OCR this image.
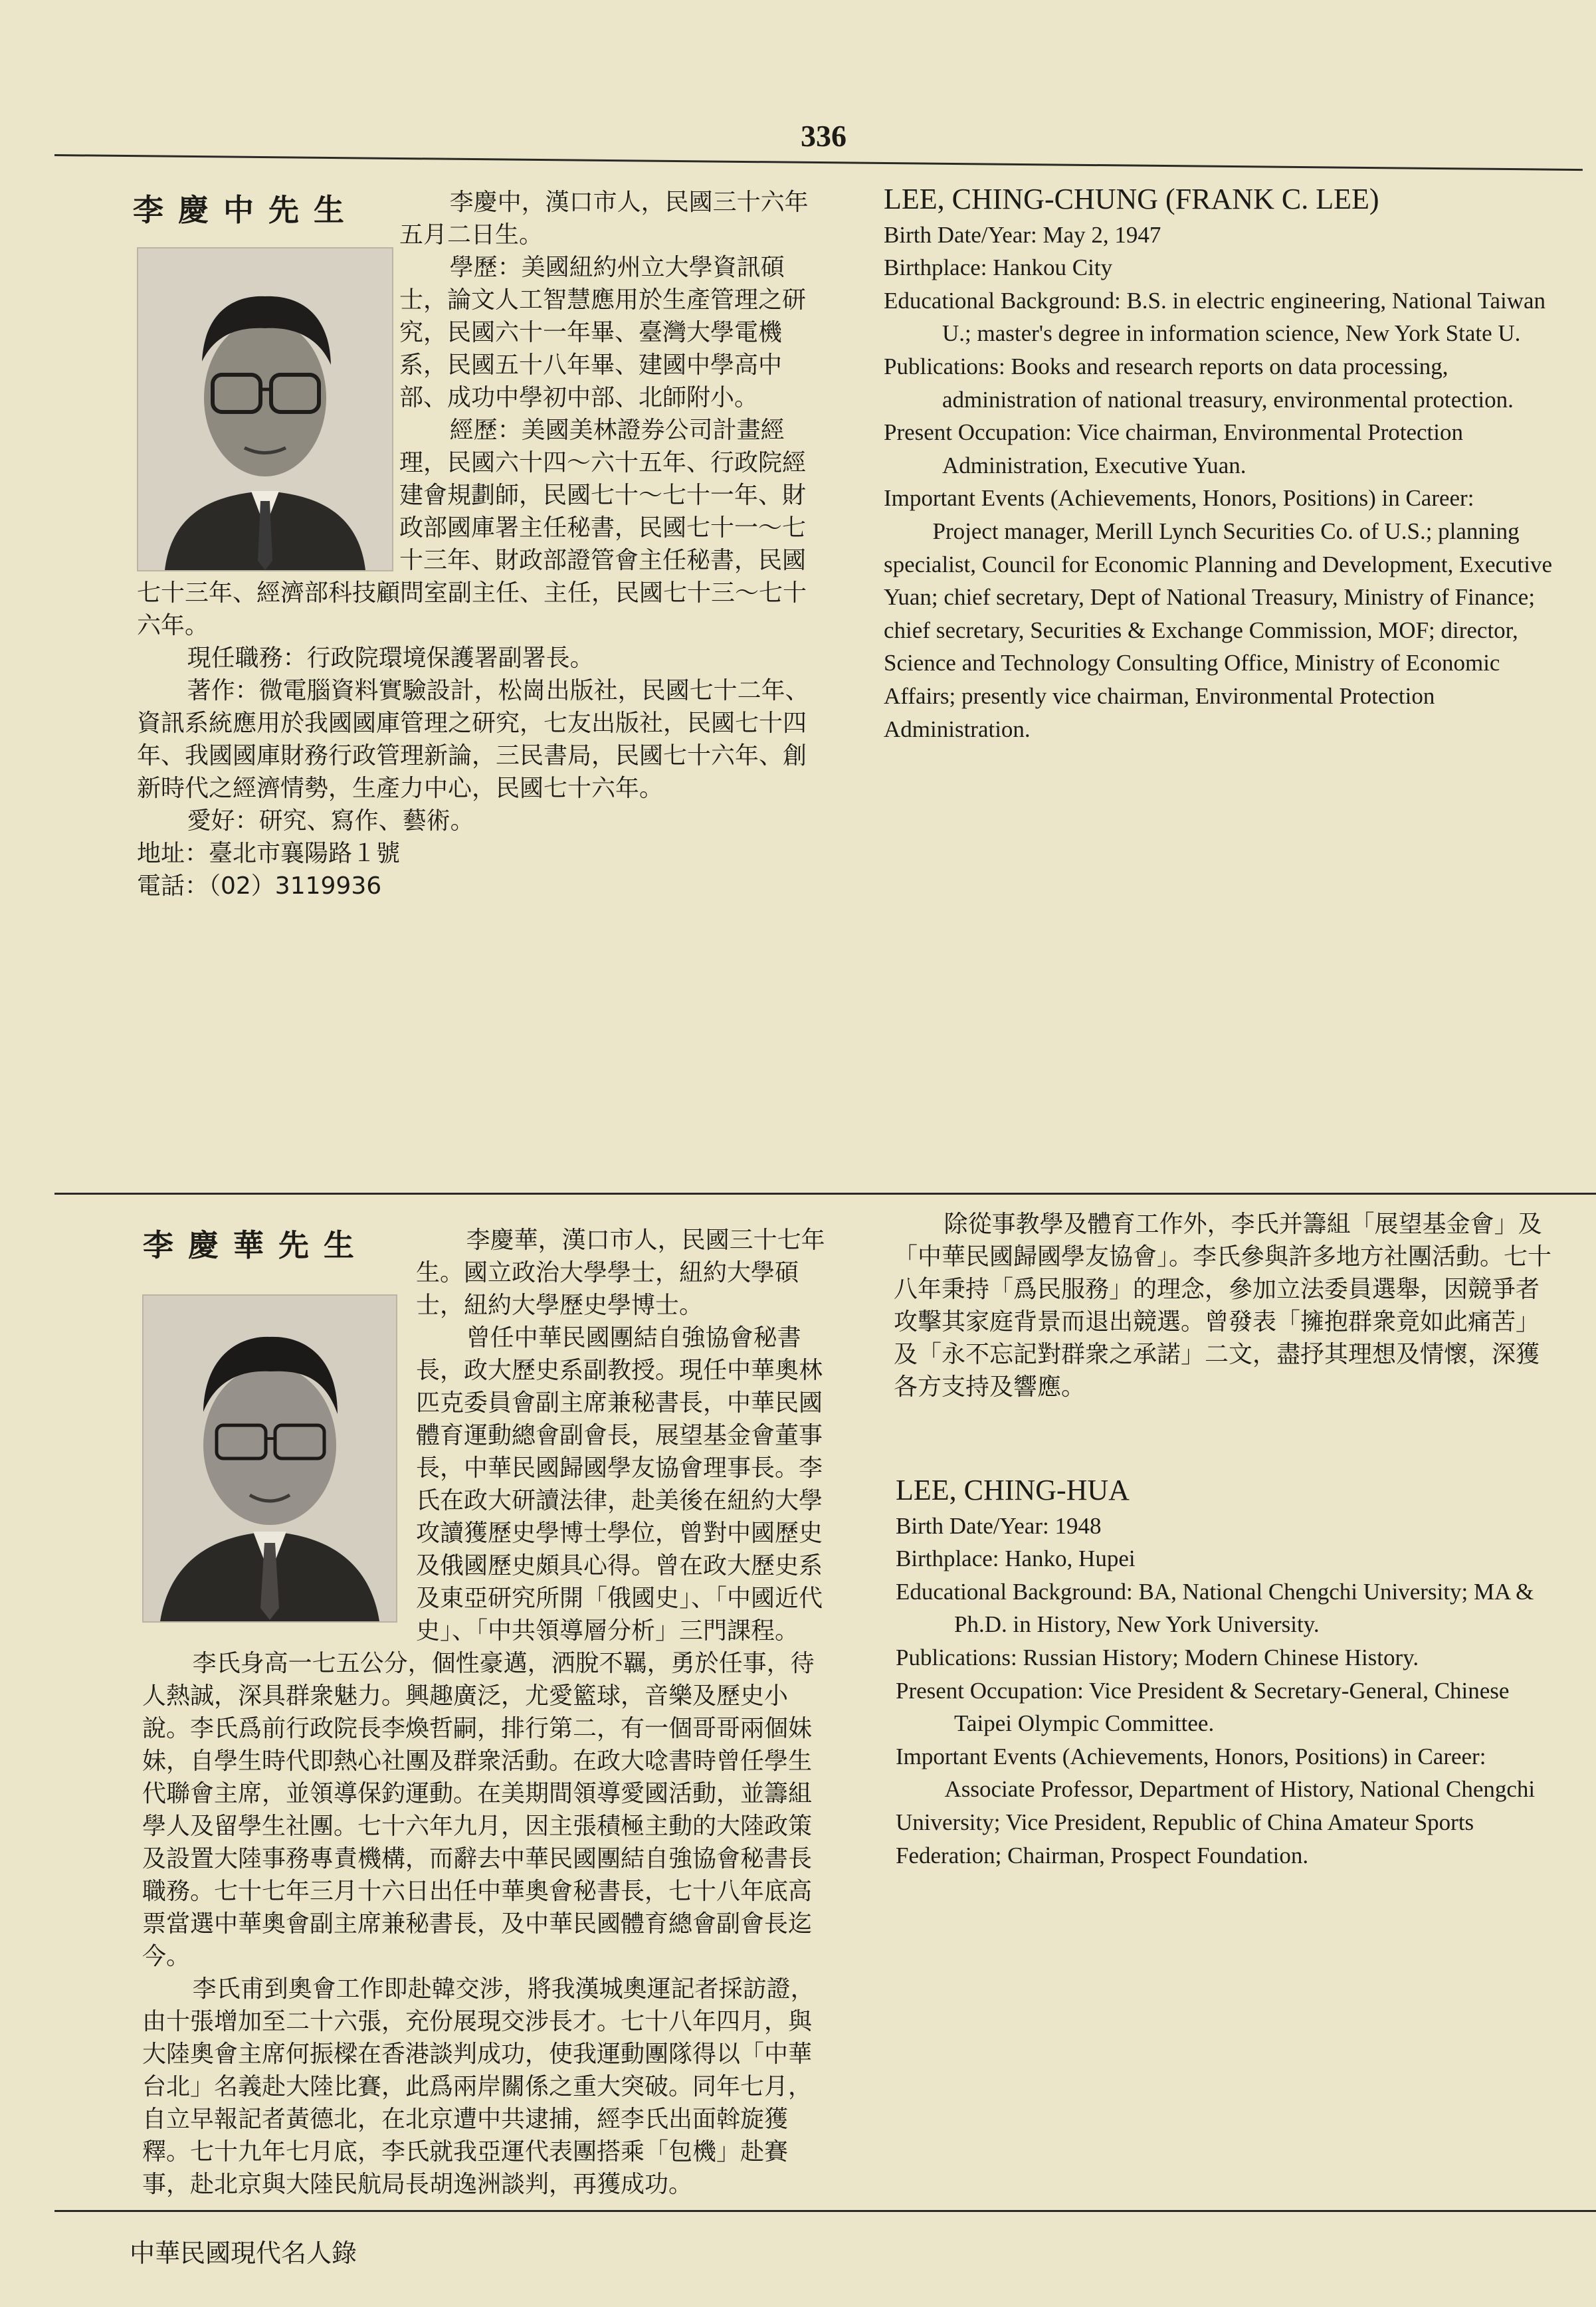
336
李慶中先生	李慶中，漢口市人，民國三十六年五月二日生。

學歷：美國紐約州立大學資訊碩士，論文人工智慧應用於生產管理之研究，民國六十一年畢、臺灣大學電機系，民國五十八年畢、建國中學高中部、成功中學初中部、北師附小。

經歷：美國美林證券公司計畫經理，民國六十四～六十五年、行政院經建會規劃師，民國七十～七十一年、財政部國庫署主任秘書，民國七十一～七十三年、財政部證管會主任秘書，民國七十三年、經濟部科技顧問室副主任、主任，民國七十三～七十六年。

現任職務：行政院環境保護署副署長。

著作：微電腦資料實驗設計，松崗出版社，民國七十二年、資訊系統應用於我國國庫管理之研究，七友出版社，民國七十四年、我國國庫財務行政管理新論，三民書局，民國七十六年、創新時代之經濟情勢，生產力中心，民國七十六年。

愛好：研究、寫作、藝術。

地址：臺北市襄陽路１號

電話：（02）3119936

LEE, CHING-CHUNG (FRANK C. LEE)

Birth Date/Year: May 2, 1947

Birthplace: Hankou City

Educational Background: B.S. in electric engineering, National Taiwan U.; master's degree in information science, New York State U.

Publications: Books and research reports on data processing, administration of national treasury, environmental protection.

Present Occupation: Vice chairman, Environmental Protection Administration, Executive Yuan.

Important Events (Achievements, Honors, Positions) in Career:

Project manager, Merill Lynch Securities Co. of U.S.; planning specialist, Council for Economic Planning and Development, Executive Yuan; chief secretary, Dept of National Treasury, Ministry of Finance; chief secretary, Securities & Exchange Commission, MOF; director, Science and Technology Consulting Office, Ministry of Economic Affairs; presently vice chairman, Environmental Protection Administration.

李慶華先生	李慶華，漢口市人，民國三十七年生。國立政治大學學士，紐約大學碩士，紐約大學歷史學博士。

曾任中華民國團結自強協會秘書長，政大歷史系副教授。現任中華奧林匹克委員會副主席兼秘書長，中華民國體育運動總會副會長，展望基金會董事長，中華民國歸國學友協會理事長。李氏在政大研讀法律，赴美後在紐約大學攻讀獲歷史學博士學位，曾對中國歷史及俄國歷史頗具心得。曾在政大歷史系及東亞研究所開「俄國史」、「中國近代史」、「中共領導層分析」三門課程。

李氏身高一七五公分，個性豪邁，洒脫不羈，勇於任事，待人熱誠，深具群衆魅力。興趣廣泛，尤愛籃球，音樂及歷史小說。李氏爲前行政院長李煥哲嗣，排行第二，有一個哥哥兩個妹妹，自學生時代即熱心社團及群衆活動。在政大唸書時曾任學生代聯會主席，並領導保釣運動。在美期間領導愛國活動，並籌組學人及留學生社團。七十六年九月，因主張積極主動的大陸政策及設置大陸事務專責機構，而辭去中華民國團結自強協會秘書長職務。七十七年三月十六日出任中華奧會秘書長，七十八年底高票當選中華奧會副主席兼秘書長，及中華民國體育總會副會長迄今。

李氏甫到奧會工作即赴韓交涉，將我漢城奧運記者採訪證，由十張增加至二十六張，充份展現交涉長才。七十八年四月，與大陸奧會主席何振樑在香港談判成功，使我運動團隊得以「中華台北」名義赴大陸比賽，此爲兩岸關係之重大突破。同年七月，自立早報記者黃德北，在北京遭中共逮捕，經李氏出面斡旋獲釋。七十九年七月底，李氏就我亞運代表團搭乘「包機」赴賽事，赴北京與大陸民航局長胡逸洲談判，再獲成功。

除從事教學及體育工作外，李氏并籌組「展望基金會」及「中華民國歸國學友協會」。李氏參與許多地方社團活動。七十八年秉持「爲民服務」的理念，參加立法委員選舉，因競爭者攻擊其家庭背景而退出競選。曾發表「擁抱群衆竟如此痛苦」及「永不忘記對群衆之承諾」二文，盡抒其理想及情懷，深獲各方支持及響應。

LEE, CHING-HUA

Birth Date/Year: 1948

Birthplace: Hanko, Hupei

Educational Background: BA, National Chengchi University; MA & Ph.D. in History, New York University.

Publications: Russian History; Modern Chinese History.

Present Occupation: Vice President & Secretary-General, Chinese Taipei Olympic Committee.

Important Events (Achievements, Honors, Positions) in Career:

Associate Professor, Department of History, National Chengchi University; Vice President, Republic of China Amateur Sports Federation; Chairman, Prospect Foundation.

中華民國現代名人錄
